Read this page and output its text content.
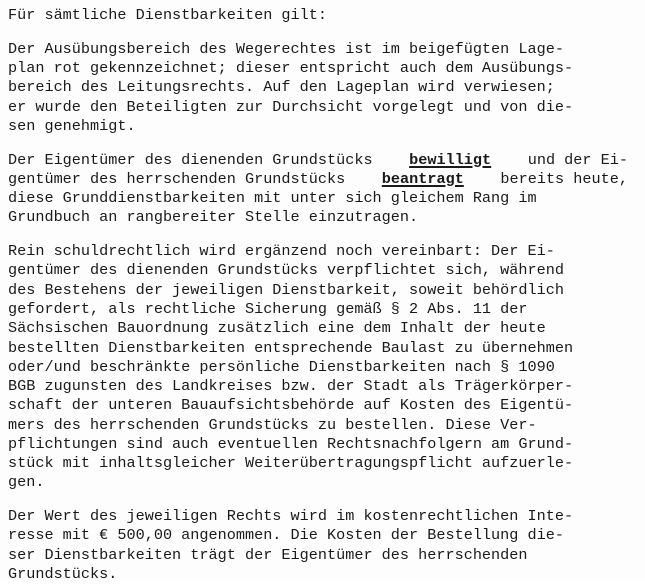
Für sämtliche Dienstbarkeiten gilt:
Der Ausübungsbereich des Wegerechtes ist im beigefügten Lage-
plan rot gekennzeichnet; dieser entspricht auch dem Ausübungs-
bereich des Leitungsrechts. Auf den Lageplan wird verwiesen;
er wurde den Beteiligten zur Durchsicht vorgelegt und von die-
sen genehmigt.
Der Eigentümer des dienenden Grundstücks bewilligt und der Ei-
gentümer des herrschenden Grundstücks beantragt bereits heute,
diese Grunddienstbarkeiten mit unter sich gleichem Rang im
Grundbuch an rangbereiter Stelle einzutragen.
Rein schuldrechtlich wird ergänzend noch vereinbart: Der Ei-
gentümer des dienenden Grundstücks verpflichtet sich, während
des Bestehens der jeweiligen Dienstbarkeit, soweit behördlich
gefordert, als rechtliche Sicherung gemäß § 2 Abs. 11 der
Sächsischen Bauordnung zusätzlich eine dem Inhalt der heute
bestellten Dienstbarkeiten entsprechende Baulast zu übernehmen
oder/und beschränkte persönliche Dienstbarkeiten nach § 1090
BGB zugunsten des Landkreises bzw. der Stadt als Trägerkörper-
schaft der unteren Bauaufsichtsbehörde auf Kosten des Eigentü-
mers des herrschenden Grundstücks zu bestellen. Diese Ver-
pflichtungen sind auch eventuellen Rechtsnachfolgern am Grund-
stück mit inhaltsgleicher Weiterübertragungspflicht aufzuerle-
gen.
Der Wert des jeweiligen Rechts wird im kostenrechtlichen Inte-
resse mit € 500,00 angenommen. Die Kosten der Bestellung die-
ser Dienstbarkeiten trägt der Eigentümer des herrschenden
Grundstücks.
